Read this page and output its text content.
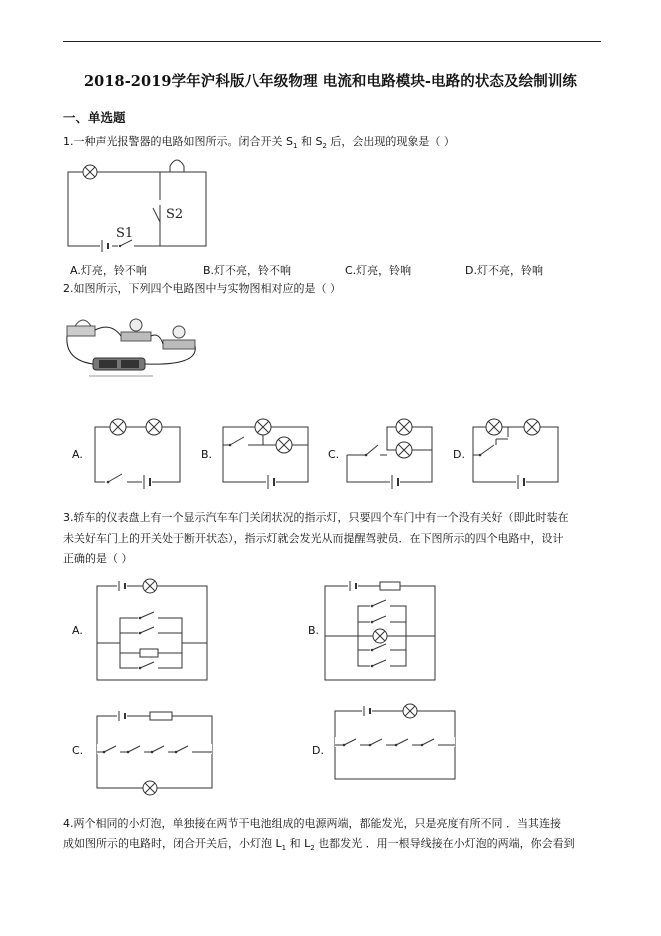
2018-2019学年沪科版八年级物理 电流和电路模块-电路的状态及绘制训练
一、单选题
1.一种声光报警器的电路如图所示。闭合开关 $S_1$ 和 $S_2$ 后，会出现的现象是（ ）
S1
S2
A.灯亮，铃不响	B.灯不亮，铃不响	C.灯亮，铃响	D.灯不亮，铃响
2.如图所示，下列四个电路图中与实物图相对应的是（ ）
A.	B.	C.	D.
3.轿车的仪表盘上有一个显示汽车车门关闭状况的指示灯，只要四个车门中有一个没有关好（即此时装在
未关好车门上的开关处于断开状态），指示灯就会发光从而提醒驾驶员．在下图所示的四个电路中，设计
正确的是（ ）
A.	B.
C.	D.
4.两个相同的小灯泡，单独接在两节干电池组成的电源两端，都能发光，只是亮度有所不同 ．当其连接
成如图所示的电路时，闭合开关后，小灯泡 $L_1$ 和 $L_2$ 也都发光 ．用一根导线接在小灯泡的两端，你会看到
